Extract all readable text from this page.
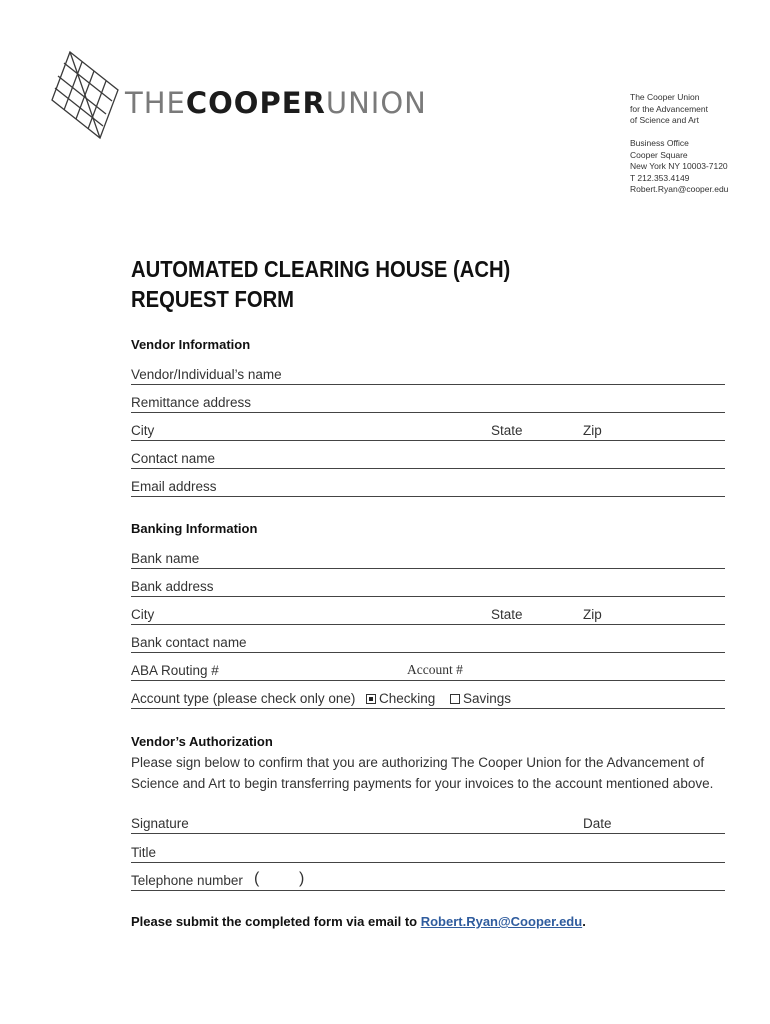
THECOOPERUNION	The Cooper Union
for the Advancement
of Science and Art
Business Office
Cooper Square
New York NY 10003-7120
T 212.353.4149
Robert.Ryan@cooper.edu
AUTOMATED CLEARING HOUSE (ACH)
REQUEST FORM
Vendor Information
Vendor/Individual’s name
Remittance address
City	State	Zip
Contact name
Email address
Banking Information
Bank name
Bank address
City	State	Zip
Bank contact name
ABA Routing #	Account #
Account type (please check only one)	Checking	Savings
Vendor’s Authorization
Please sign below to confirm that you are authorizing The Cooper Union for the Advancement of Science and Art to begin transferring payments for your invoices to the account mentioned above.
Signature	Date
Title
Telephone number ( )
Please submit the completed form via email to Robert.Ryan@Cooper.edu.
